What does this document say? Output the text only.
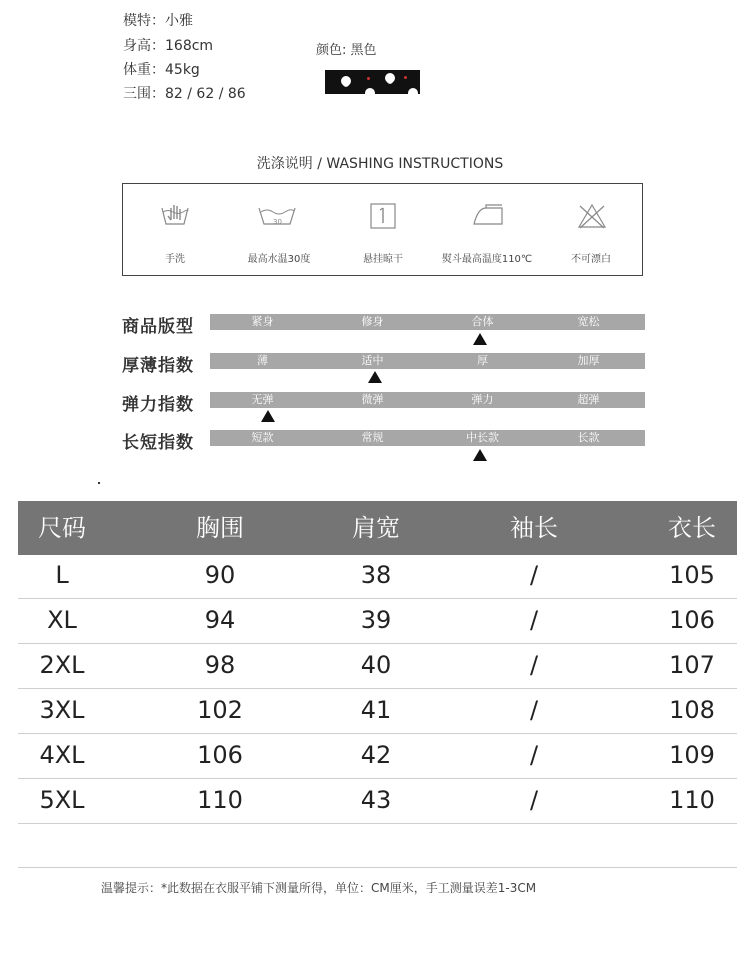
模特：小雅
身高：168cm
体重：45kg
三围：82 / 62 / 86
颜色: 黑色
洗涤说明 / WASHING INSTRUCTIONS
手洗
30
最高水温30度	悬挂晾干	熨斗最高温度110℃	不可漂白
商品版型	紧身	修身	合体	宽松
厚薄指数	薄	适中	厚	加厚
弹力指数	无弹	微弹	弹力	超弹
长短指数	短款	常规	中长款	长款
尺码	胸围	肩宽	袖长	衣长
L	90	38	/	105
XL	94	39	/	106
2XL	98	40	/	107
3XL	102	41	/	108
4XL	106	42	/	109
5XL	110	43	/	110
温馨提示：*此数据在衣服平铺下测量所得，单位：CM厘米，手工测量误差1-3CM
